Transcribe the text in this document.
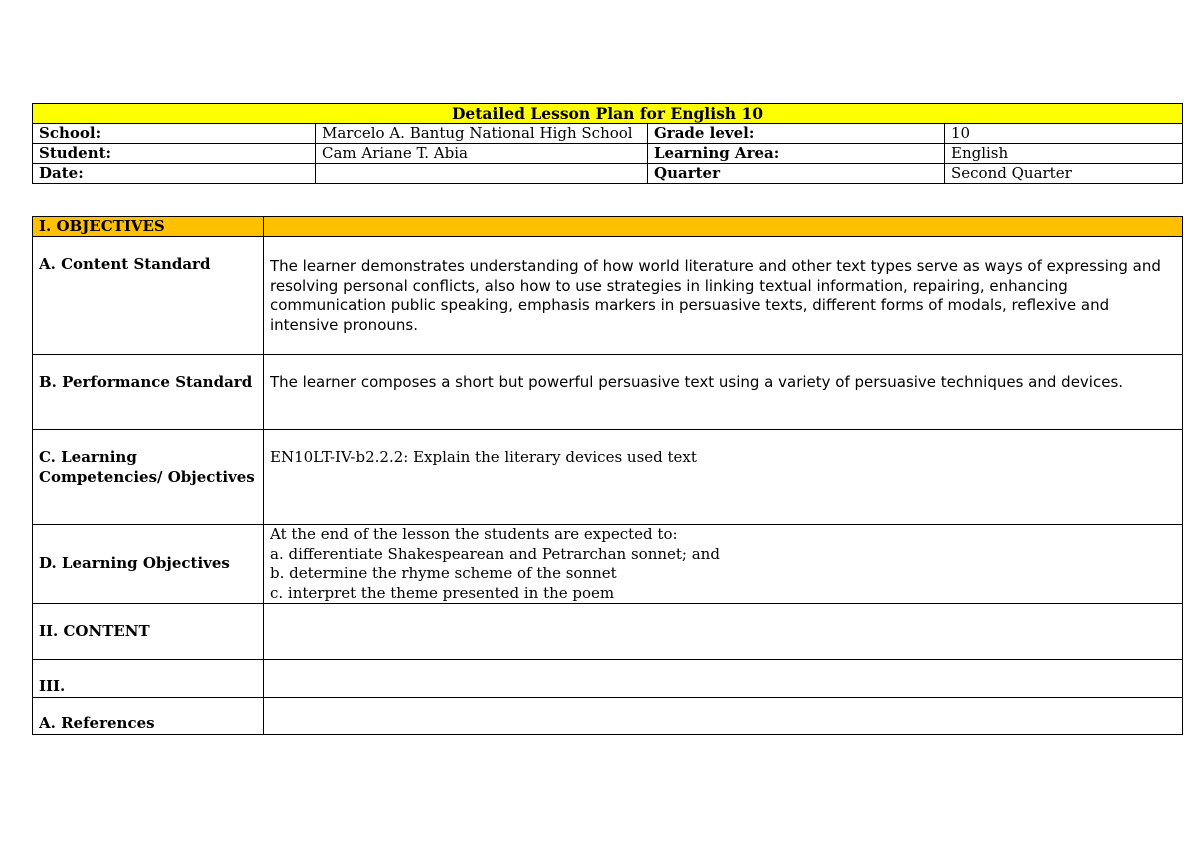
Detailed Lesson Plan for English 10			
School:	Marcelo A. Bantug National High School	Grade level:	10
Student:	Cam Ariane T. Abia	Learning Area:	English
Date:		Quarter	Second Quarter
I. OBJECTIVES	
A. Content Standard	The learner demonstrates understanding of how world literature and other text types serve as ways of expressing and resolving personal conflicts, also how to use strategies in linking textual information, repairing, enhancing communication public speaking, emphasis markers in persuasive texts, different forms of modals, reflexive and intensive pronouns.
B. Performance Standard	The learner composes a short but powerful persuasive text using a variety of persuasive techniques and devices.
C. Learning Competencies/ Objectives	EN10LT-IV-b2.2.2: Explain the literary devices used text
D. Learning Objectives	At the end of the lesson the students are expected to:
a. differentiate Shakespearean and Petrarchan sonnet; and
b. determine the rhyme scheme of the sonnet
c. interpret the theme presented in the poem

II. CONTENT	
III.	
A. References	
